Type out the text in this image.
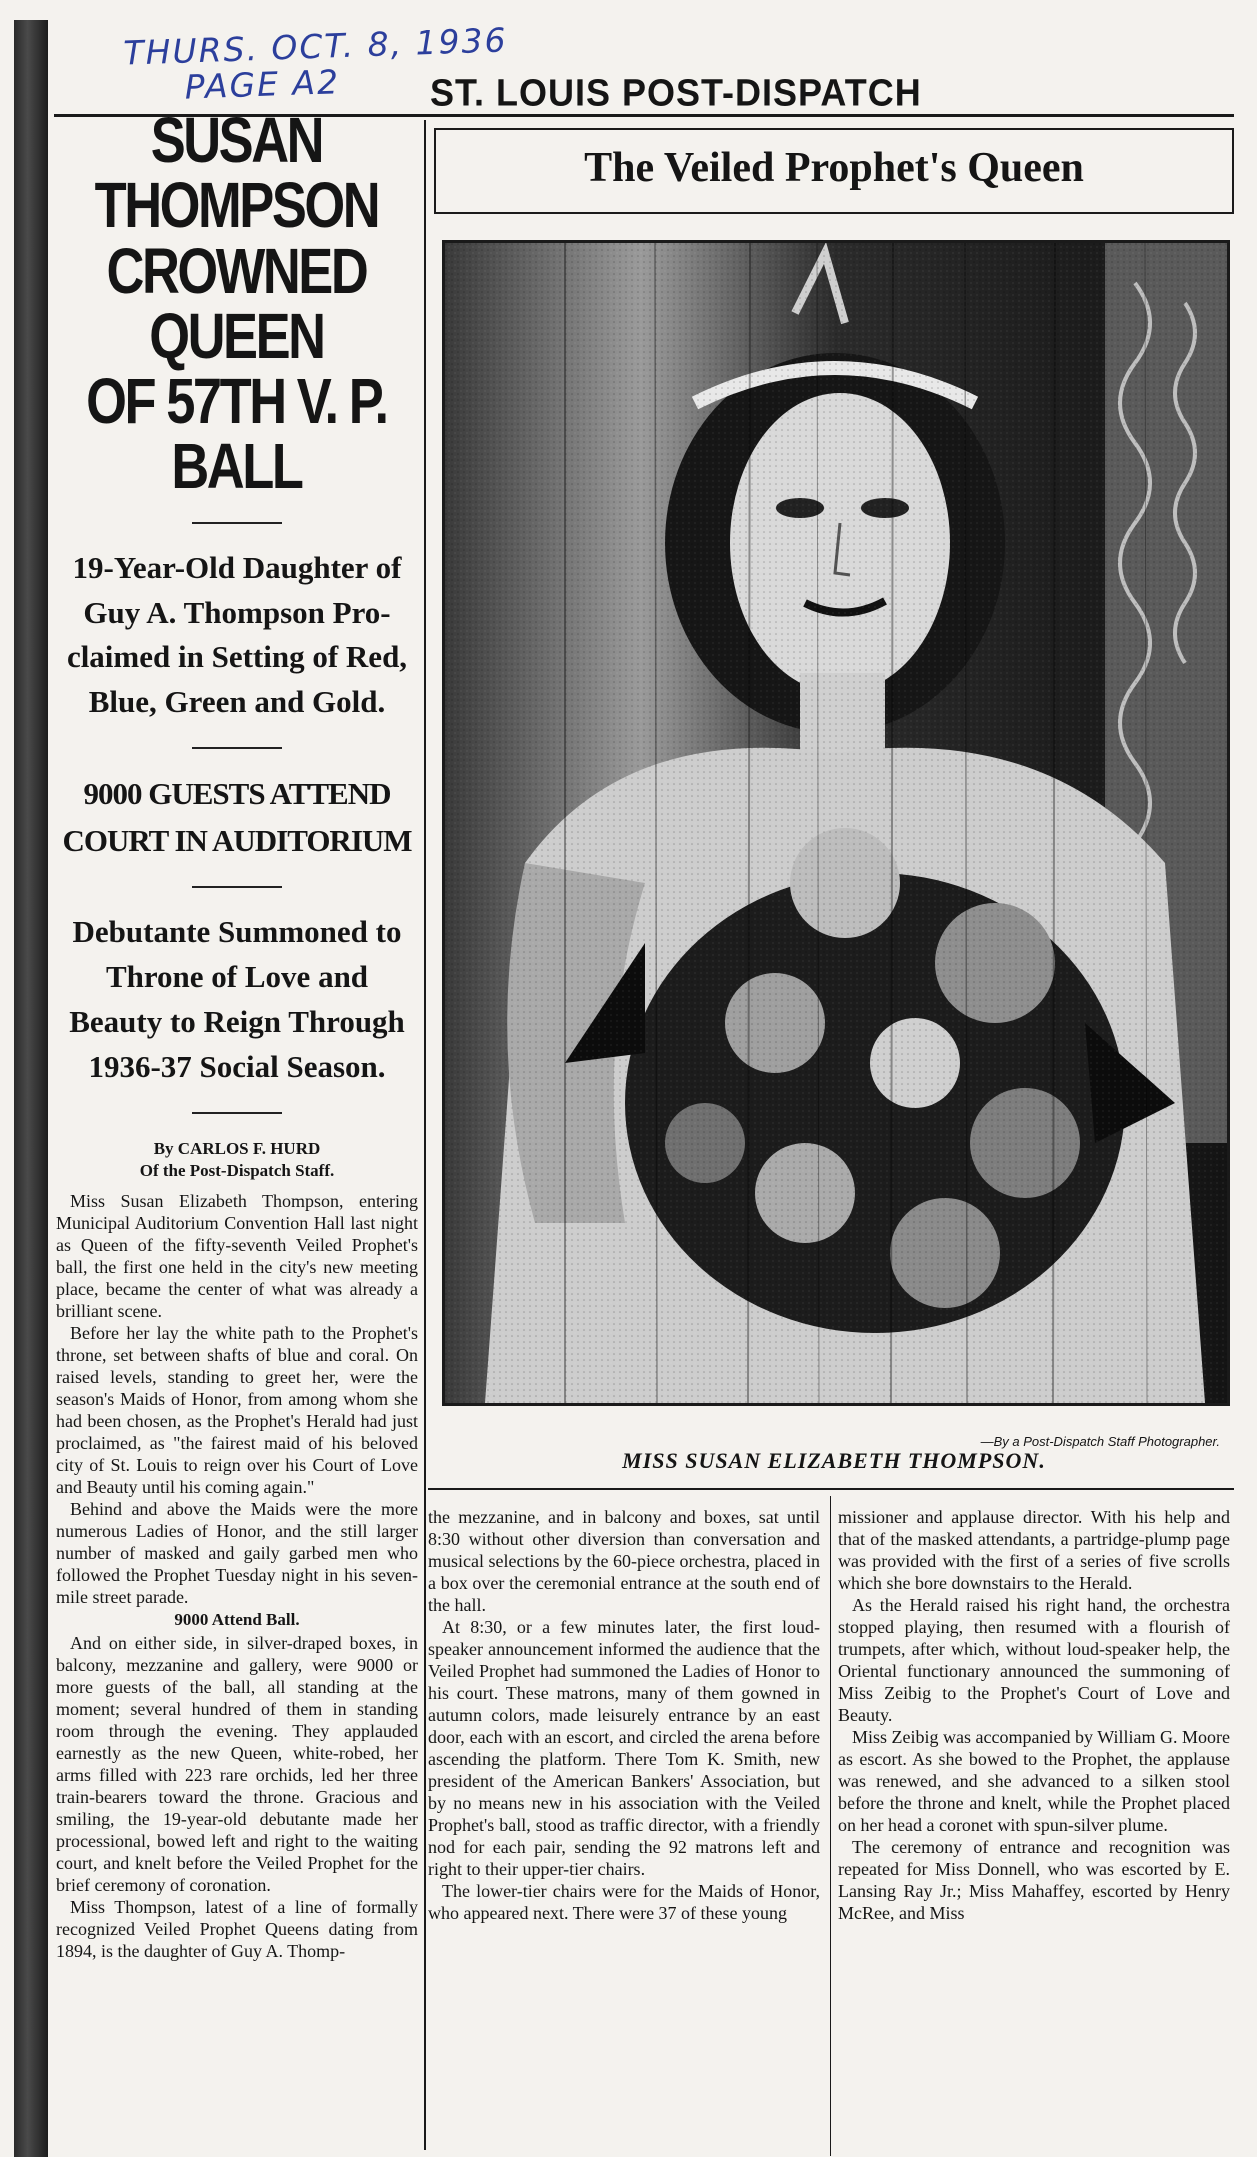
THURS. OCT. 8, 1936
PAGE A2	ST. LOUIS POST-DISPATCH
SUSAN THOMPSON
CROWNED QUEEN
OF 57TH V. P. BALL
19-Year-Old Daughter of
Guy A. Thompson Pro-
claimed in Setting of Red,
Blue, Green and Gold.
9000 GUESTS ATTEND
COURT IN AUDITORIUM
Debutante Summoned to
Throne of Love and
Beauty to Reign Through
1936-37 Social Season.
By CARLOS F. HURD
Of the Post-Dispatch Staff.

Miss Susan Elizabeth Thompson, entering Municipal Auditorium Convention Hall last night as Queen of the fifty-seventh Veiled Prophet's ball, the first one held in the city's new meeting place, became the center of what was already a brilliant scene.

Before her lay the white path to the Prophet's throne, set between shafts of blue and coral. On raised levels, standing to greet her, were the season's Maids of Honor, from among whom she had been chosen, as the Prophet's Herald had just proclaimed, as "the fairest maid of his beloved city of St. Louis to reign over his Court of Love and Beauty until his coming again."

Behind and above the Maids were the more numerous Ladies of Honor, and the still larger number of masked and gaily garbed men who followed the Prophet Tuesday night in his seven-mile street parade.

9000 Attend Ball.

And on either side, in silver-draped boxes, in balcony, mezzanine and gallery, were 9000 or more guests of the ball, all standing at the moment; several hundred of them in standing room through the evening. They applauded earnestly as the new Queen, white-robed, her arms filled with 223 rare orchids, led her three train-bearers toward the throne. Gracious and smiling, the 19-year-old debutante made her processional, bowed left and right to the waiting court, and knelt before the Veiled Prophet for the brief ceremony of coronation.

Miss Thompson, latest of a line of formally recognized Veiled Prophet Queens dating from 1894, is the daughter of Guy A. Thomp-

The Veiled Prophet's Queen
—By a Post-Dispatch Staff Photographer.
MISS SUSAN ELIZABETH THOMPSON.

the mezzanine, and in balcony and boxes, sat until 8:30 without other diversion than conversation and musical selections by the 60-piece orchestra, placed in a box over the ceremonial entrance at the south end of the hall.

At 8:30, or a few minutes later, the first loud-speaker announcement informed the audience that the Veiled Prophet had summoned the Ladies of Honor to his court. These matrons, many of them gowned in autumn colors, made leisurely entrance by an east door, each with an escort, and circled the arena before ascending the platform. There Tom K. Smith, new president of the American Bankers' Association, but by no means new in his association with the Veiled Prophet's ball, stood as traffic director, with a friendly nod for each pair, sending the 92 matrons left and right to their upper-tier chairs.

The lower-tier chairs were for the Maids of Honor, who appeared next. There were 37 of these young

missioner and applause director. With his help and that of the masked attendants, a partridge-plump page was provided with the first of a series of five scrolls which she bore downstairs to the Herald.

As the Herald raised his right hand, the orchestra stopped playing, then resumed with a flourish of trumpets, after which, without loud-speaker help, the Oriental functionary announced the summoning of Miss Zeibig to the Prophet's Court of Love and Beauty.

Miss Zeibig was accompanied by William G. Moore as escort. As she bowed to the Prophet, the applause was renewed, and she advanced to a silken stool before the throne and knelt, while the Prophet placed on her head a coronet with spun-silver plume.

The ceremony of entrance and recognition was repeated for Miss Donnell, who was escorted by E. Lansing Ray Jr.; Miss Mahaffey, escorted by Henry McRee, and Miss
